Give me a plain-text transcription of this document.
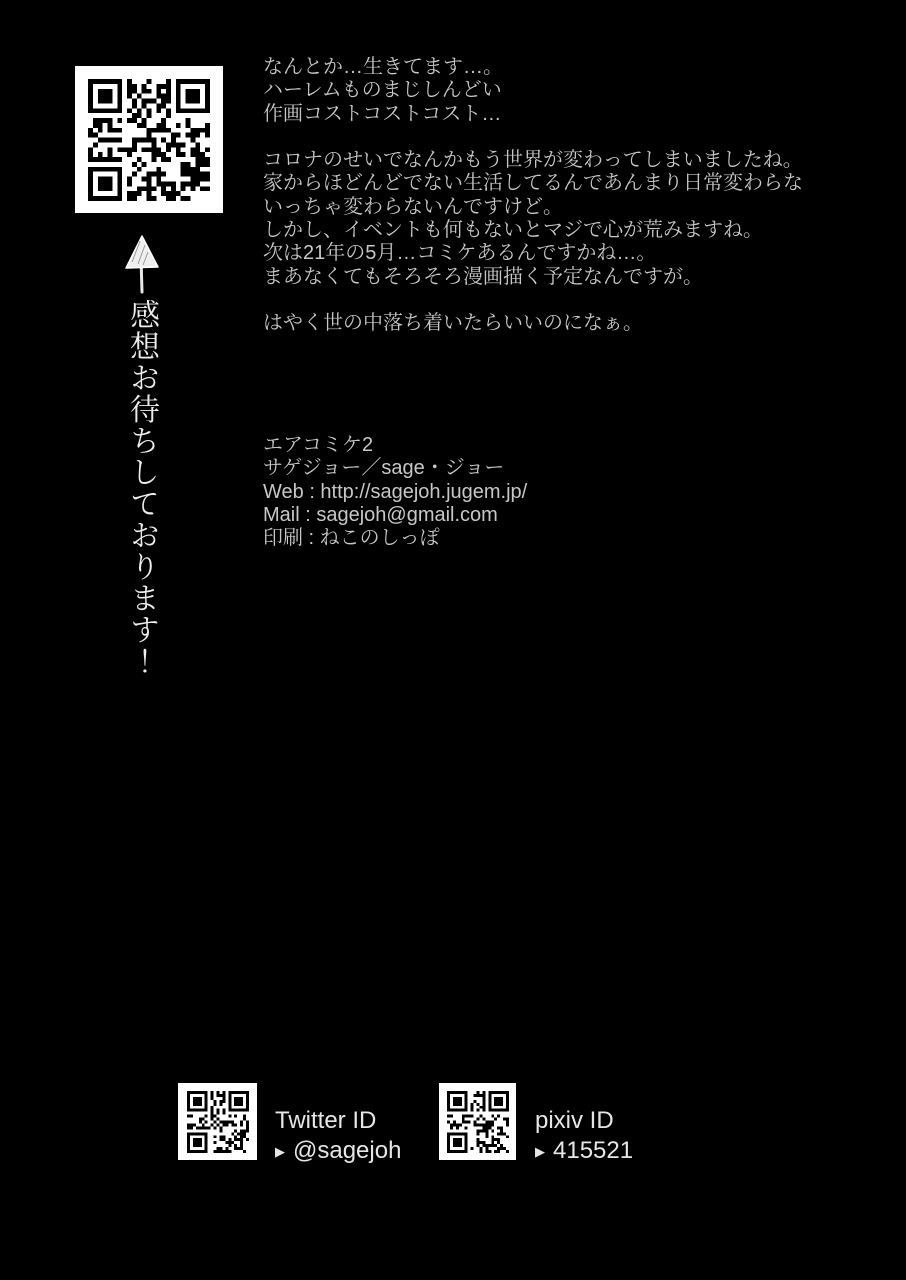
感想お待ちしております！
なんとか…生きてます…。
ハーレムものまじしんどい
作画コストコストコスト…

コロナのせいでなんかもう世界が変わってしまいましたね。
家からほどんどでない生活してるんであんまり日常変わらな
いっちゃ変わらないんですけど。
しかし、イベントも何もないとマジで心が荒みますね。
次は21年の5月…コミケあるんですかね…。
まあなくてもそろそろ漫画描く予定なんですが。

はやく世の中落ち着いたらいいのになぁ。
エアコミケ2
サゲジョー／sage・ジョー
Web : http://sagejoh.jugem.jp/
Mail : sagejoh@gmail.com
印刷 : ねこのしっぽ
Twitter ID
▶ @sagejoh
pixiv ID
▶ 415521
